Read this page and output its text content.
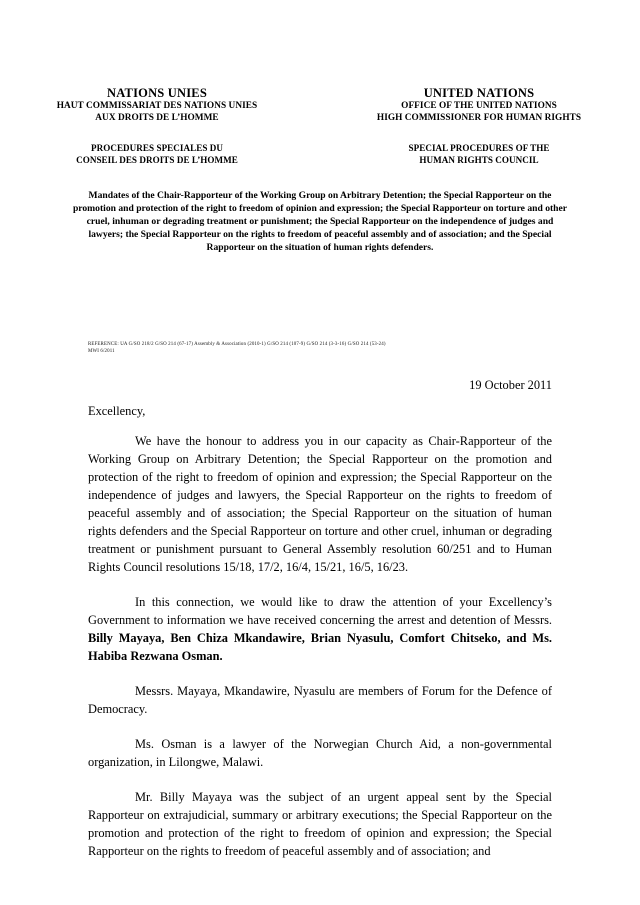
NATIONS UNIES
HAUT COMMISSARIAT DES NATIONS UNIES
AUX DROITS DE L’HOMME
UNITED NATIONS
OFFICE OF THE UNITED NATIONS
HIGH COMMISSIONER FOR HUMAN RIGHTS
PROCEDURES SPECIALES DU
CONSEIL DES DROITS DE L’HOMME
SPECIAL PROCEDURES OF THE
HUMAN RIGHTS COUNCIL
Mandates of the Chair-Rapporteur of the Working Group on Arbitrary Detention; the Special Rapporteur on the promotion and protection of the right to freedom of opinion and expression; the Special Rapporteur on torture and other cruel, inhuman or degrading treatment or punishment; the Special Rapporteur on the independence of judges and lawyers; the Special Rapporteur on the rights to freedom of peaceful assembly and of association; and the Special Rapporteur on the situation of human rights defenders.
REFERENCE: UA G/SO 218/2 G/SO 214 (67-17) Assembly & Association (2010-1) G/SO 214 (107-9) G/SO 214 (3-3-16) G/SO 214 (53-24)
MWI 6/2011
19 October 2011
Excellency,

We have the honour to address you in our capacity as Chair-Rapporteur of the Working Group on Arbitrary Detention; the Special Rapporteur on the promotion and protection of the right to freedom of opinion and expression; the Special Rapporteur on the independence of judges and lawyers, the Special Rapporteur on the rights to freedom of peaceful assembly and of association; the Special Rapporteur on the situation of human rights defenders and the Special Rapporteur on torture and other cruel, inhuman or degrading treatment or punishment pursuant to General Assembly resolution 60/251 and to Human Rights Council resolutions 15/18, 17/2, 16/4, 15/21, 16/5, 16/23.

In this connection, we would like to draw the attention of your Excellency’s Government to information we have received concerning the arrest and detention of Messrs. Billy Mayaya, Ben Chiza Mkandawire, Brian Nyasulu, Comfort Chitseko, and Ms. Habiba Rezwana Osman.

Messrs. Mayaya, Mkandawire, Nyasulu are members of Forum for the Defence of Democracy.

Ms. Osman is a lawyer of the Norwegian Church Aid, a non-governmental organization, in Lilongwe, Malawi.

Mr. Billy Mayaya was the subject of an urgent appeal sent by the Special Rapporteur on extrajudicial, summary or arbitrary executions; the Special Rapporteur on the promotion and protection of the right to freedom of opinion and expression; the Special Rapporteur on the rights to freedom of peaceful assembly and of association; and
